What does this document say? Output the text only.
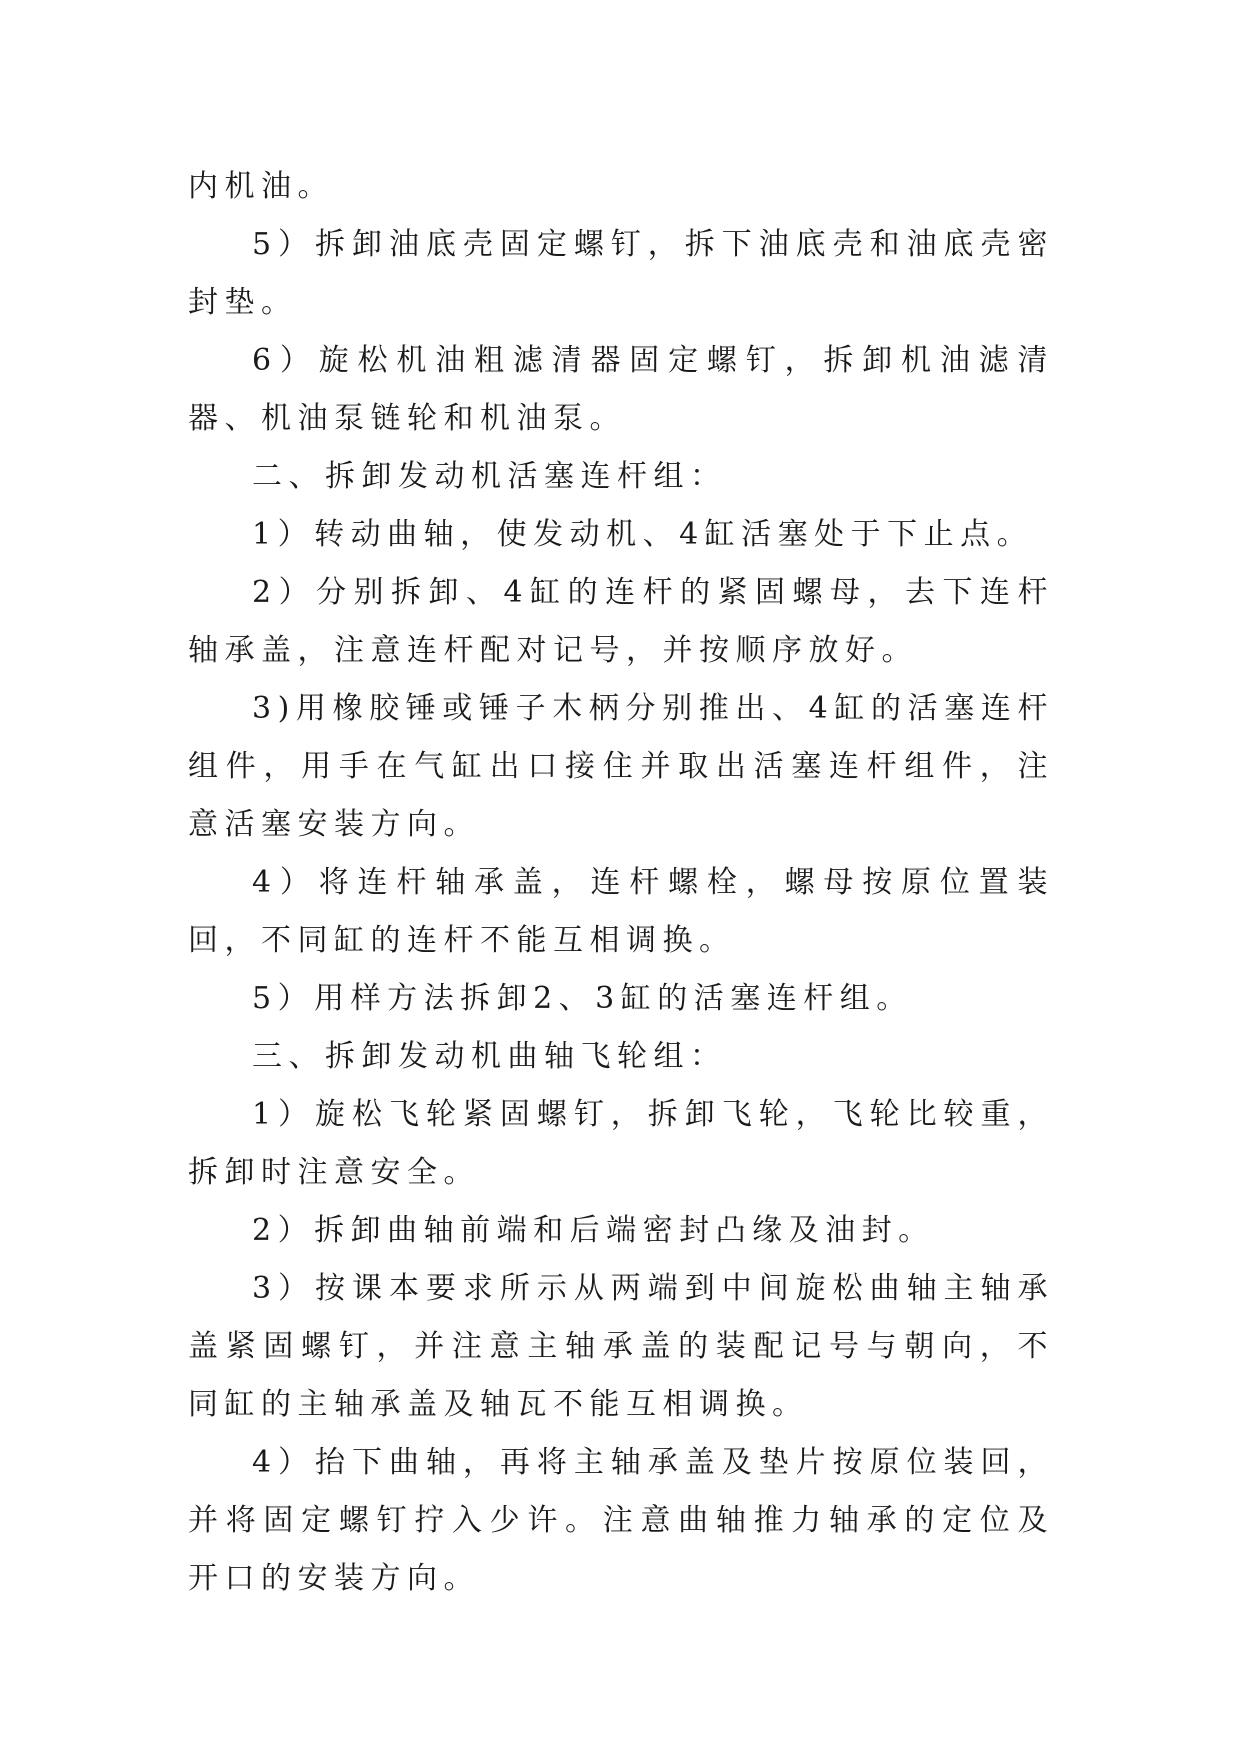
内机油。

5）拆卸油底壳固定螺钉，拆下油底壳和油底壳密封垫。

6）旋松机油粗滤清器固定螺钉，拆卸机油滤清器、机油泵链轮和机油泵。

二、拆卸发动机活塞连杆组：

1）转动曲轴，使发动机、4缸活塞处于下止点。

2）分别拆卸、4缸的连杆的紧固螺母，去下连杆轴承盖，注意连杆配对记号，并按顺序放好。

3)用橡胶锤或锤子木柄分别推出、4缸的活塞连杆组件，用手在气缸出口接住并取出活塞连杆组件，注意活塞安装方向。

4）将连杆轴承盖，连杆螺栓，螺母按原位置装回，不同缸的连杆不能互相调换。

5）用样方法拆卸2、3缸的活塞连杆组。

三、拆卸发动机曲轴飞轮组：

1）旋松飞轮紧固螺钉，拆卸飞轮，飞轮比较重，拆卸时注意安全。

2）拆卸曲轴前端和后端密封凸缘及油封。

3）按课本要求所示从两端到中间旋松曲轴主轴承盖紧固螺钉，并注意主轴承盖的装配记号与朝向，不同缸的主轴承盖及轴瓦不能互相调换。

4）抬下曲轴，再将主轴承盖及垫片按原位装回，并将固定螺钉拧入少许。注意曲轴推力轴承的定位及开口的安装方向。
